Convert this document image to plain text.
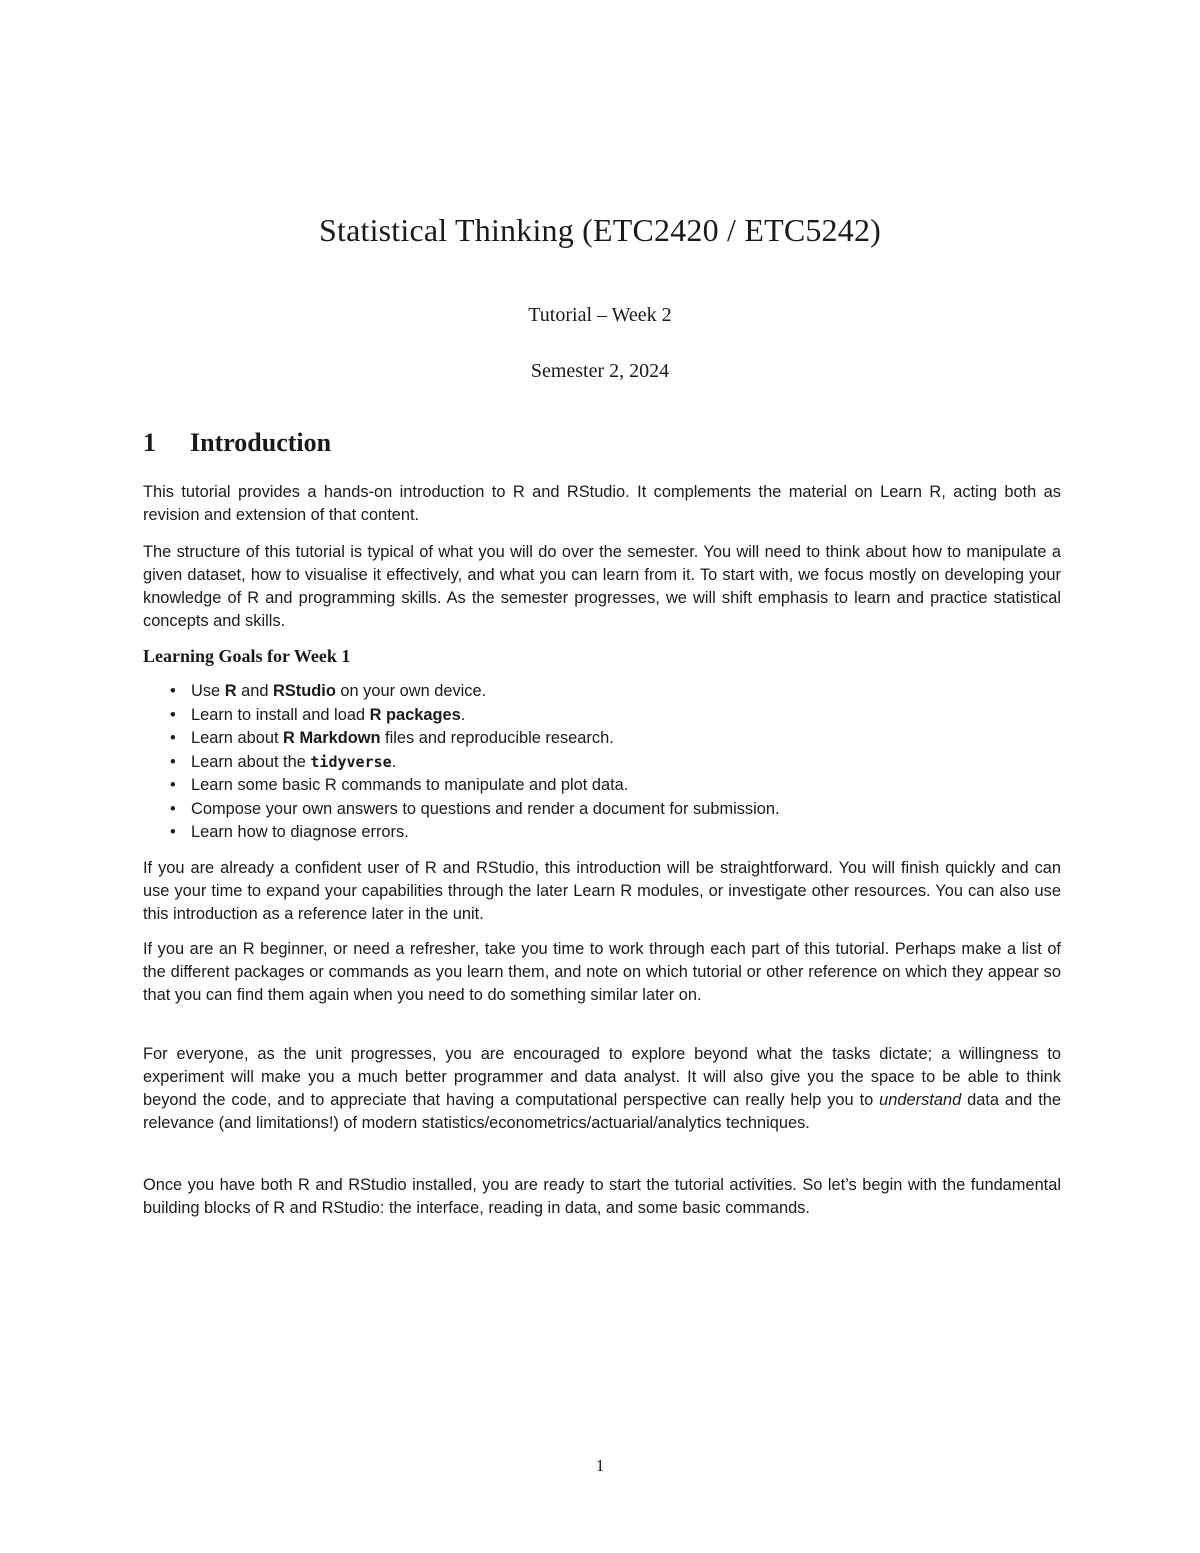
Statistical Thinking (ETC2420 / ETC5242)
Tutorial – Week 2
Semester 2, 2024
1	Introduction

This tutorial provides a hands-on introduction to R and RStudio. It complements the material on Learn R, acting both as revision and extension of that content.

The structure of this tutorial is typical of what you will do over the semester. You will need to think about how to manipulate a given dataset, how to visualise it effectively, and what you can learn from it. To start with, we focus mostly on developing your knowledge of R and programming skills. As the semester progresses, we will shift emphasis to learn and practice statistical concepts and skills.

Learning Goals for Week 1
• Use R and RStudio on your own device.
• Learn to install and load R packages.
• Learn about R Markdown files and reproducible research.
• Learn about the tidyverse.
• Learn some basic R commands to manipulate and plot data.
• Compose your own answers to questions and render a document for submission.
• Learn how to diagnose errors.

If you are already a confident user of R and RStudio, this introduction will be straightforward. You will finish quickly and can use your time to expand your capabilities through the later Learn R modules, or investigate other resources. You can also use this introduction as a reference later in the unit.

If you are an R beginner, or need a refresher, take you time to work through each part of this tutorial. Perhaps make a list of the different packages or commands as you learn them, and note on which tutorial or other reference on which they appear so that you can find them again when you need to do something similar later on.

For everyone, as the unit progresses, you are encouraged to explore beyond what the tasks dictate; a willingness to experiment will make you a much better programmer and data analyst. It will also give you the space to be able to think beyond the code, and to appreciate that having a computational perspective can really help you to understand data and the relevance (and limitations!) of modern statistics/econometrics/actuarial/analytics techniques.

Once you have both R and RStudio installed, you are ready to start the tutorial activities. So let’s begin with the fundamental building blocks of R and RStudio: the interface, reading in data, and some basic commands.

1
